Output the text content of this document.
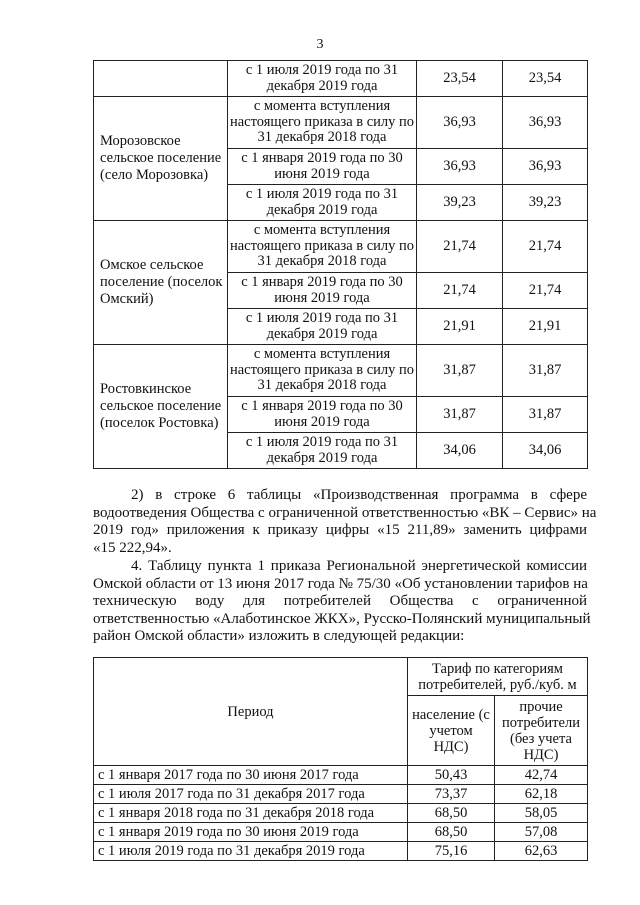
3
	с 1 июля 2019 года по 31 декабря 2019 года	23,54	23,54
Морозовское сельское поселение (село Морозовка)	с момента вступления настоящего приказа в силу по 31 декабря 2018 года	36,93	36,93
	с 1 января 2019 года по 30 июня 2019 года	36,93	36,93
	с 1 июля 2019 года по 31 декабря 2019 года	39,23	39,23
Омское сельское поселение (поселок Омский)	с момента вступления настоящего приказа в силу по 31 декабря 2018 года	21,74	21,74
	с 1 января 2019 года по 30 июня 2019 года	21,74	21,74
	с 1 июля 2019 года по 31 декабря 2019 года	21,91	21,91
Ростовкинское сельское поселение (поселок Ростовка)	с момента вступления настоящего приказа в силу по 31 декабря 2018 года	31,87	31,87
	с 1 января 2019 года по 30 июня 2019 года	31,87	31,87
	с 1 июля 2019 года по 31 декабря 2019 года	34,06	34,06
2) в строке 6 таблицы «Производственная программа в сфере
водоотведения Общества с ограниченной ответственностью «ВК – Сервис» на
2019 год» приложения к приказу цифры «15 211,89» заменить цифрами
«15 222,94».
4. Таблицу пункта 1 приказа Региональной энергетической комиссии
Омской области от 13 июня 2017 года № 75/30 «Об установлении тарифов на
техническую воду для потребителей Общества с ограниченной
ответственностью «Алаботинское ЖКХ», Русско-Полянский муниципальный
район Омской области» изложить в следующей редакции:
Период	Тариф по категориям потребителей, руб./куб. м	
	население (с учетом НДС)	прочие потребители (без учета НДС)
с 1 января 2017 года по 30 июня 2017 года	50,43	42,74
с 1 июля 2017 года по 31 декабря 2017 года	73,37	62,18
с 1 января 2018 года по 31 декабря 2018 года	68,50	58,05
с 1 января 2019 года по 30 июня 2019 года	68,50	57,08
с 1 июля 2019 года по 31 декабря 2019 года	75,16	62,63
